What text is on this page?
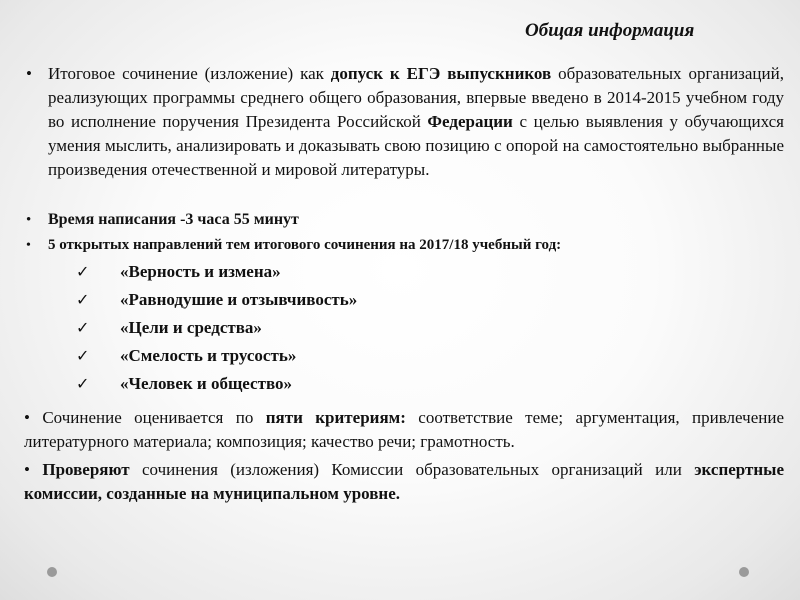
Общая информация
• Итоговое сочинение (изложение) как допуск к ЕГЭ выпускников образовательных организаций, реализующих программы среднего общего образования, впервые введено в 2014-2015 учебном году во исполнение поручения Президента Российской Федерации с целью выявления у обучающихся умения мыслить, анализировать и доказывать свою позицию с опорой на самостоятельно выбранные произведения отечественной и мировой литературы.
• Время написания -3 часа 55 минут
• 5 открытых направлений тем итогового сочинения на 2017/18 учебный год:
✓ «Верность и измена»
✓ «Равнодушие и отзывчивость»
✓ «Цели и средства»
✓ «Смелость и трусость»
✓ «Человек и общество»
• Сочинение оценивается по пяти критериям: соответствие теме; аргументация, привлечение литературного материала; композиция; качество речи; грамотность.
• Проверяют сочинения (изложения) Комиссии образовательных организаций или экспертные комиссии, созданные на муниципальном уровне.
